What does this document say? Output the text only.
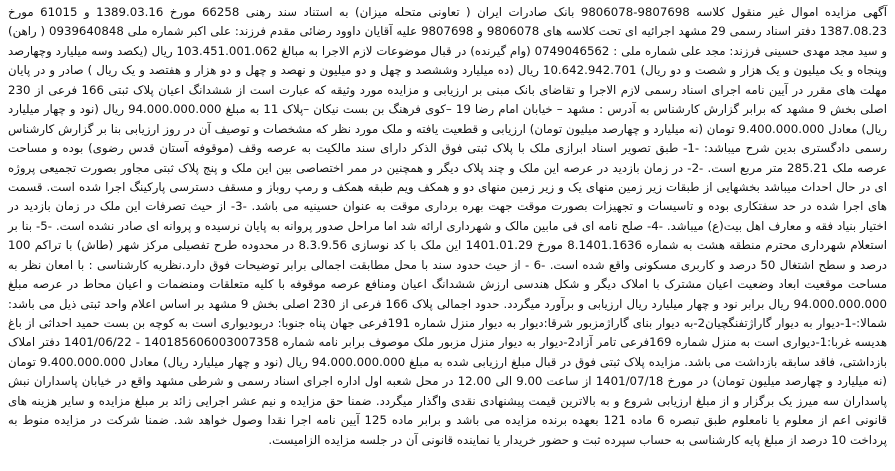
آگهی مزایده اموال غیر منقول کلاسه 9807698-9806078 بانک صادرات ایران ( تعاونی متحله میزان) به استناد سند رهنی 66258 مورخ 1389.03.16 و 61015 مورخ 1387.08.23 دفتر اسناد رسمی 29 مشهد اجرائیه ای تحت کلاسه های 9806078 و 9807698 علیه آقایان داوود رضائی مقدم فرزند: علی اکبر شماره ملی 0939640848 ( راهن) و سید مجد مهدی حسینی فرزند: مجد علی شماره ملی : 0749046562 (وام گیرنده) در قبال موضوعات لازم الاجرا به مبالغ 103.451.001.062 ریال (یکصد وسه میلیارد وچهارصد وپنجاه و یک میلیون و یک هزار و شصت و دو ریال) 10.642.942.701 ریال (ده میلیارد وششصد و چهل و دو میلیون و نهصد و چهل و دو هزار و هفتصد و یک ریال ) صادر و در پایان مهلت های مقرر در آیین نامه اجرای اسناد رسمی لازم الاجرا و تقاضای بانک مبنی بر ارزیابی و مزایده مورد وثیقه که عبارت است از ششدانگ اعیان پلاک ثبتی 166 فرعی از 230 اصلی بخش 9 مشهد که برابر گزارش کارشناس به آدرس : مشهد – خیابان امام رضا 19 –کوی فرهنگ بن بست نیکان –پلاک 11 به مبلغ 94.000.000.000 ریال (نود و چهار میلیارد ریال) معادل 9.400.000.000 تومان (نه میلیارد و چهارصد میلیون تومان) ارزیابی و قطعیت یافته و ملک مورد نظر که مشخصات و توصیف آن در روز ارزیابی بنا بر گزارش کارشناس رسمی دادگستری بدین شرح میباشد: -1- طبق تصویر اسناد ابرازی ملک با پلاک ثبتی فوق الذکر دارای سند مالکیت به عرصه وقف (موقوفه آستان قدس رضوی) بوده و مساحت عرصه ملک 285.21 متر مربع است. -2- در زمان بازدید در عرصه این ملک و چند پلاک دیگر و همچنین در ممر اختصاصی بین این ملک و پنج پلاک ثبتی مجاور بصورت تجمیعی پروژه ای در حال احداث میباشد بخشهایی از طبقات زیر زمین منهای یک و زیر زمین منهای دو و همکف ویم طبقه همکف و رمپ روباز و مسقف دسترسی پارکینگ اجرا شده است. قسمت های اجرا شده در حد سفتکاری بوده و تاسیسات و تجهیزات بصورت موقت جهت بهره برداری موقت به عنوان حسینیه می باشد. -3- از حیث تصرفات این ملک در زمان بازدید در اختیار بنیاد فقه و معارف اهل بیت(ع) میباشد. -4- صلح نامه ای فی مابین مالک و شهرداری ارائه شد اما مراحل صدور پروانه به پایان نرسیده و پروانه ای صادر نشده است. -5- بنا بر استعلام شهرداری محترم منطقه هشت به شماره 8.1401.1636 مورخ 1401.01.29 این ملک با کد نوسازی 8.3.9.56 در محدوده طرح تفصیلی مرکز شهر (طاش) با تراکم 100 درصد و سطح اشتغال 50 درصد و کاربری مسکونی واقع شده است. -6 - از حیث حدود سند با محل مطابقت اجمالی برابر توضیحات فوق دارد.نظریه کارشناسی : با امعان نظر به مساحت موقعیت ابعاد وضعیت اعیان مشترک با املاک دیگر و شکل هندسی ارزش ششدانگ اعیان ومنافع عرصه موقوفه با کلیه متعلقات ومنضمات و اعیان محاط در عرصه مبلغ 94.000.000.000 ریال برابر نود و چهار میلیارد ریال ارزیابی و برآورد میگردد. حدود اجمالی پلاک 166 فرعی از 230 اصلی بخش 9 مشهد بر اساس اعلام واحد ثبتی ذیل می باشد: شمالا:-1-دیوار به دیوار گاراژتفنگچیان2-به دیوار بنای گاراژمزبور شرقا:دیوار به دیوار منزل شماره 191فرعی جهان پناه جنوبا: دربودیواری است به کوچه بن بست حمید احداثی از باغ هدیسه غربا:1-دیواری است به منزل شماره 169فرعی تامر آزاد2-دیوار به دیوار منزل مزبور ملک موصوف برابر نامه شماره 140185606003007358 - 1401/06/22 دفتر املاک بازداشتی، فاقد سابقه بازداشت می باشد. مزایده پلاک ثبتی فوق در قبال مبلغ ارزیابی شده به مبلغ 94.000.000.000 ریال (نود و چهار میلیارد ریال) معادل 9.400.000.000 تومان (نه میلیارد و چهارصد میلیون تومان) در مورخ 1401/07/18 از ساعت 9.00 الی 12.00 در محل شعبه اول اداره اجرای اسناد رسمی و شرطی مشهد واقع در خیابان پاسداران نبش پاسداران سه میرز یک برگزار و از مبلغ ارزیابی شروع و به بالاترین قیمت پیشنهادی نقدی واگذار میگردد. ضمنا حق مزایده و نیم عشر اجرایی زائد بر مبلغ مزایده و سایر هزینه های قانونی اعم از معلوم یا نامعلوم طبق تبصره 6 ماده 121 بعهده برنده مزایده می باشد و برابر ماده 125 آیین نامه اجرا نقدا وصول خواهد شد. ضمنا شرکت در مزایده منوط به پرداخت 10 درصد از مبلغ پایه کارشناسی به حساب سپرده ثبت و حضور خریدار یا نماینده قانونی آن در جلسه مزایده الزامیست.
